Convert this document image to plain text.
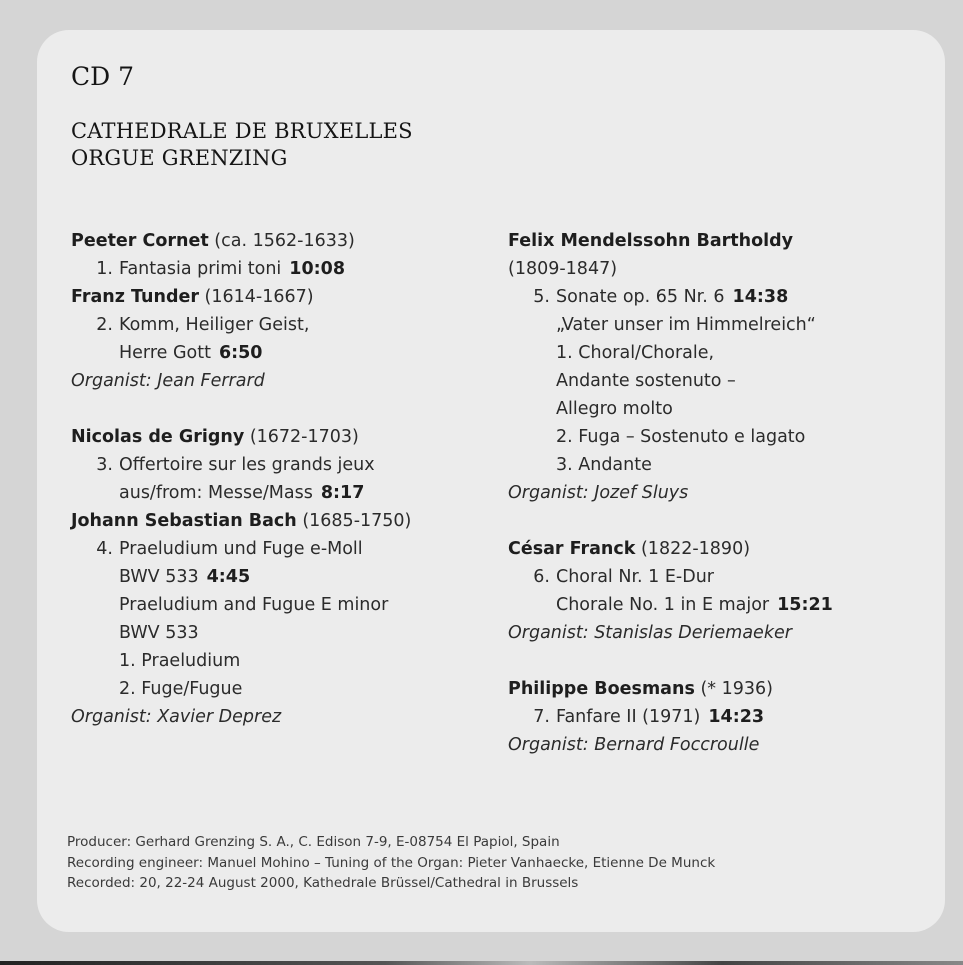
CD 7
CATHEDRALE DE BRUXELLES
ORGUE GRENZING
Peeter Cornet (ca. 1562-1633)
1. Fantasia primi toni 10:08
Franz Tunder (1614-1667)
2. Komm, Heiliger Geist,
Herre Gott 6:50
Organist: Jean Ferrard
Nicolas de Grigny (1672-1703)
3. Offertoire sur les grands jeux
aus/from: Messe/Mass 8:17
Johann Sebastian Bach (1685-1750)
4. Praeludium und Fuge e-Moll
BWV 533 4:45
Praeludium and Fugue E minor
BWV 533
1. Praeludium
2. Fuge/Fugue
Organist: Xavier Deprez
Felix Mendelssohn Bartholdy
(1809-1847)
5. Sonate op. 65 Nr. 6 14:38
„Vater unser im Himmelreich“
1. Choral/Chorale,
Andante sostenuto –
Allegro molto
2. Fuga – Sostenuto e lagato
3. Andante
Organist: Jozef Sluys
César Franck (1822-1890)
6. Choral Nr. 1 E-Dur
Chorale No. 1 in E major 15:21
Organist: Stanislas Deriemaeker
Philippe Boesmans (* 1936)
7. Fanfare II (1971) 14:23
Organist: Bernard Foccroulle
Producer: Gerhard Grenzing S. A., C. Edison 7-9, E-08754 El Papiol, Spain
Recording engineer: Manuel Mohino – Tuning of the Organ: Pieter Vanhaecke, Etienne De Munck
Recorded: 20, 22-24 August 2000, Kathedrale Brüssel/Cathedral in Brussels
